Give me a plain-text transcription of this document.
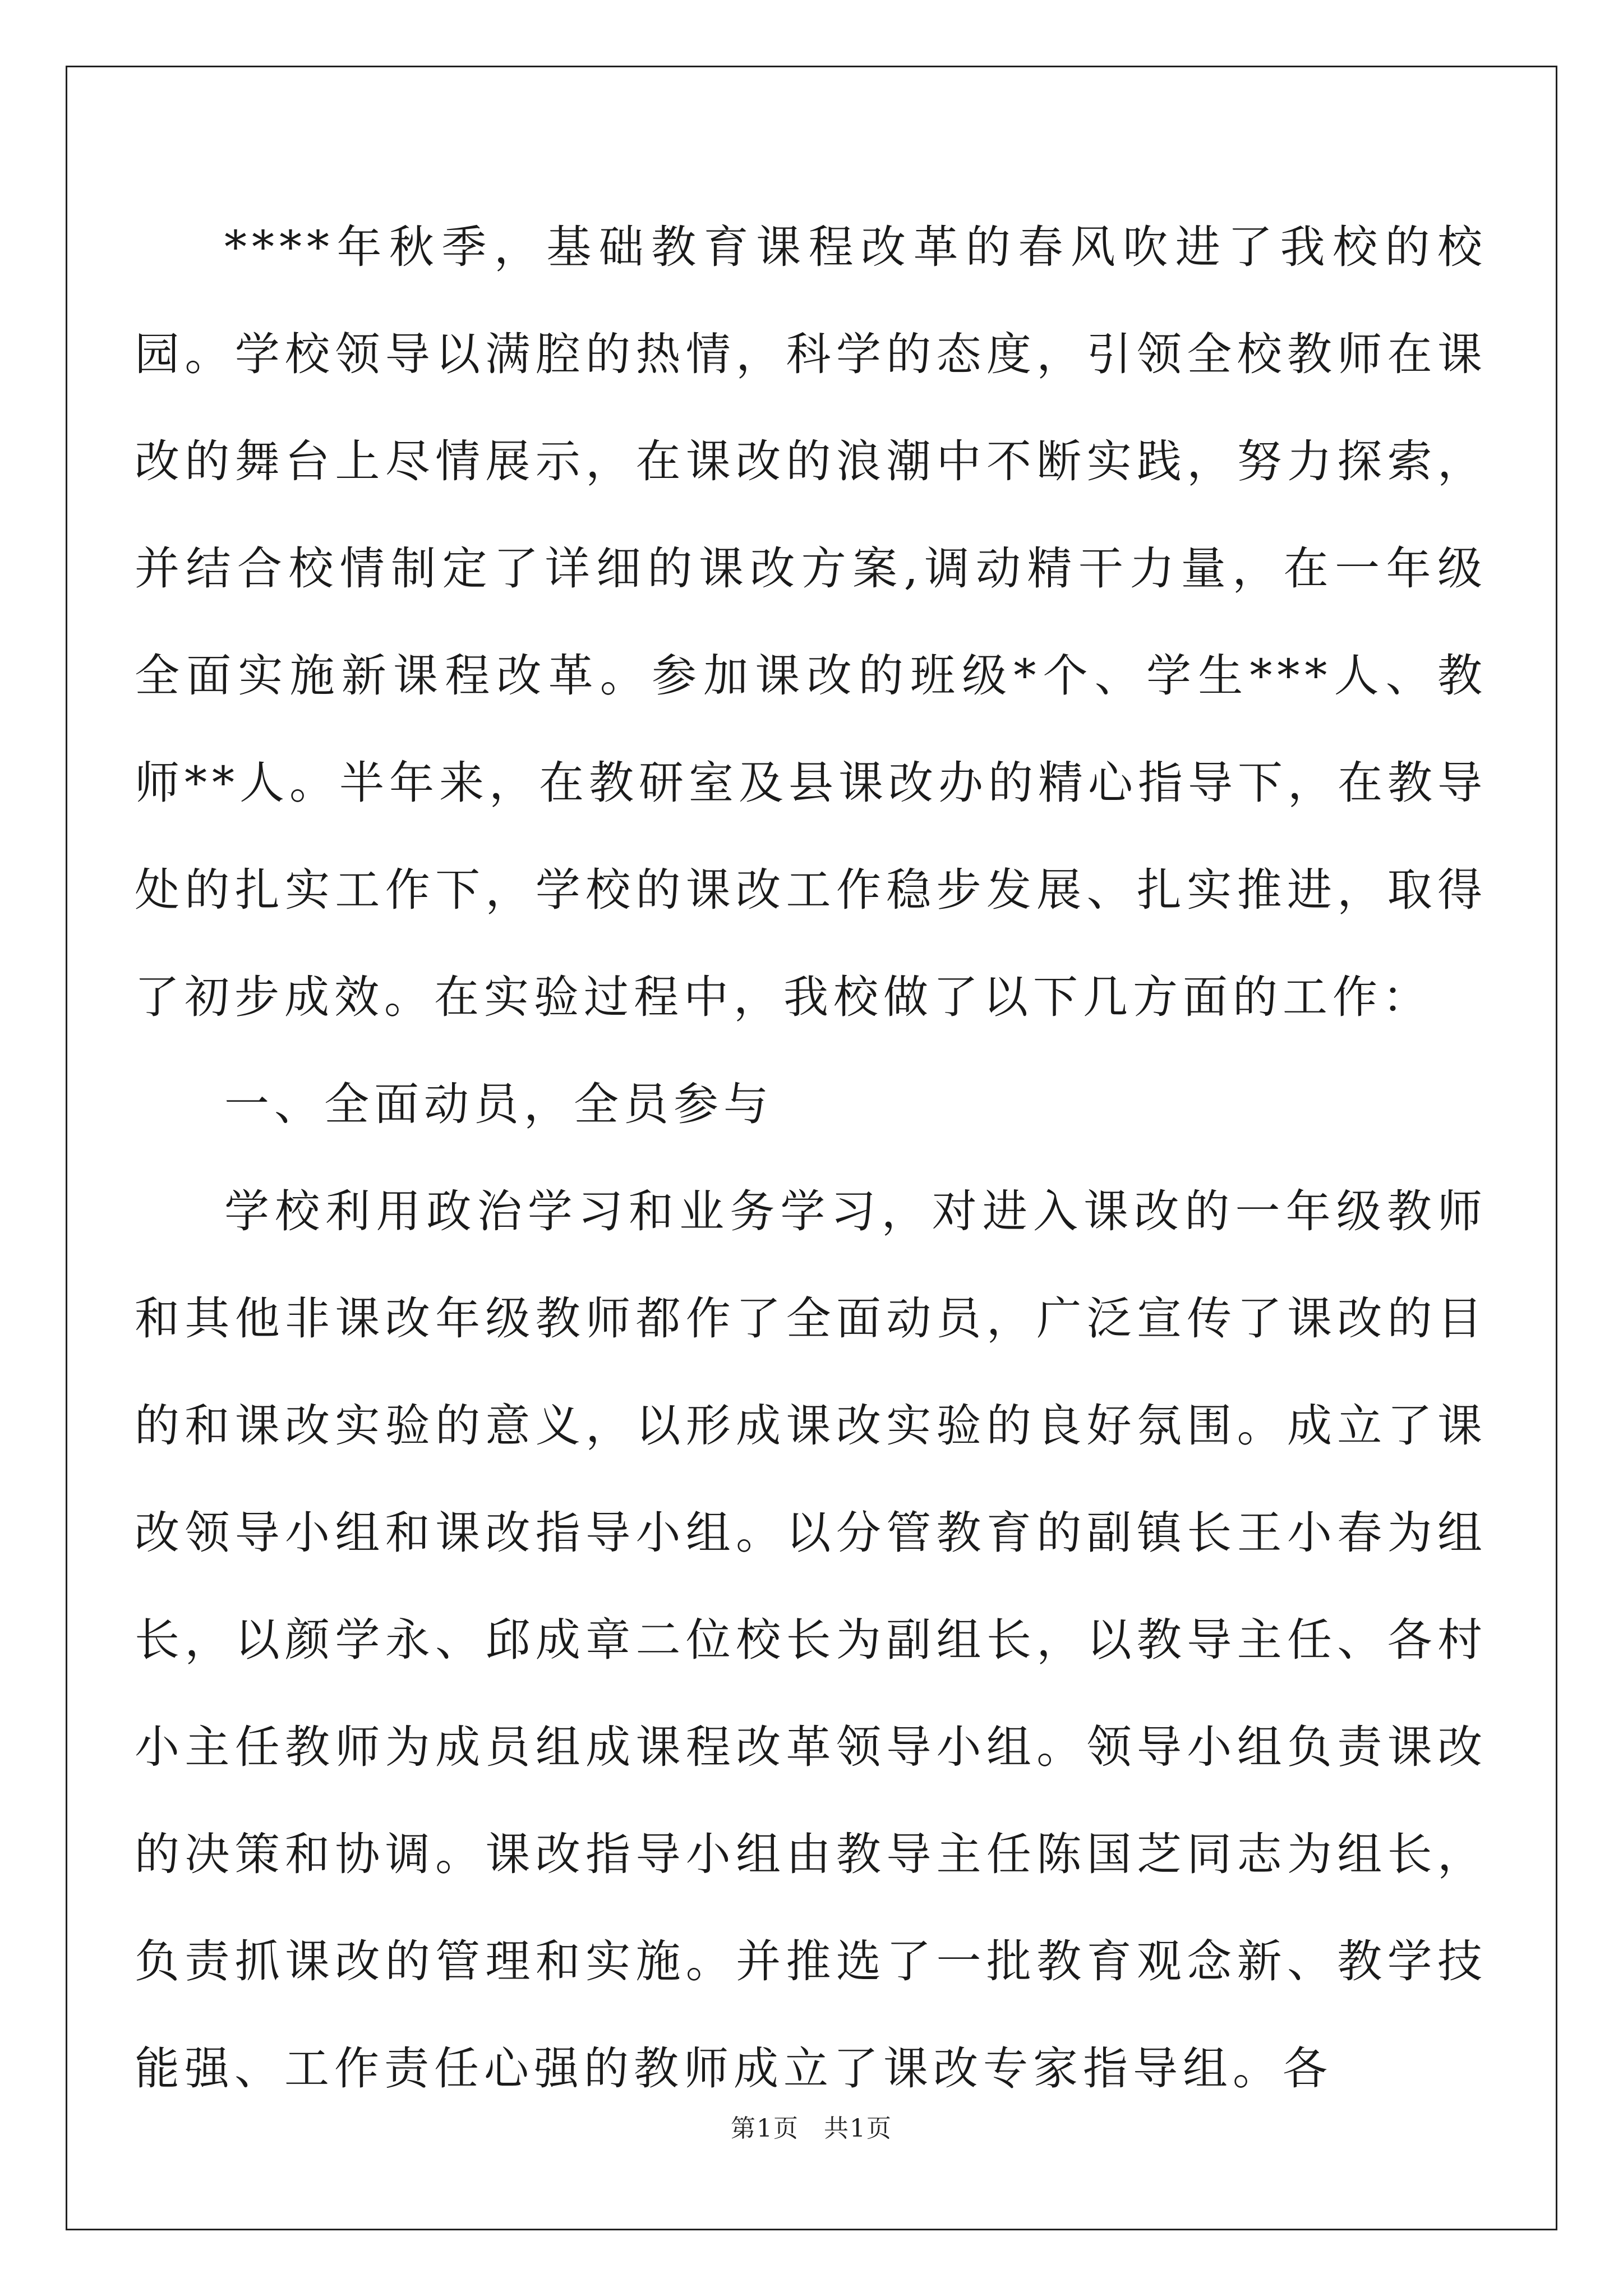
****年秋季，基础教育课程改革的春风吹进了我校的校园。学校领导以满腔的热情，科学的态度，引领全校教师在课改的舞台上尽情展示，在课改的浪潮中不断实践，努力探索，并结合校情制定了详细的课改方案,调动精干力量，在一年级全面实施新课程改革。参加课改的班级*个、学生***人、教师**人。半年来，在教研室及县课改办的精心指导下，在教导处的扎实工作下，学校的课改工作稳步发展、扎实推进，取得了初步成效。在实验过程中，我校做了以下几方面的工作：

一、全面动员，全员参与

学校利用政治学习和业务学习，对进入课改的一年级教师和其他非课改年级教师都作了全面动员，广泛宣传了课改的目的和课改实验的意义，以形成课改实验的良好氛围。成立了课改领导小组和课改指导小组。以分管教育的副镇长王小春为组长，以颜学永、邱成章二位校长为副组长，以教导主任、各村小主任教师为成员组成课程改革领导小组。领导小组负责课改的决策和协调。课改指导小组由教导主任陈国芝同志为组长，负责抓课改的管理和实施。并推选了一批教育观念新、教学技能强、工作责任心强的教师成立了课改专家指导组。各

第1页 共1页
